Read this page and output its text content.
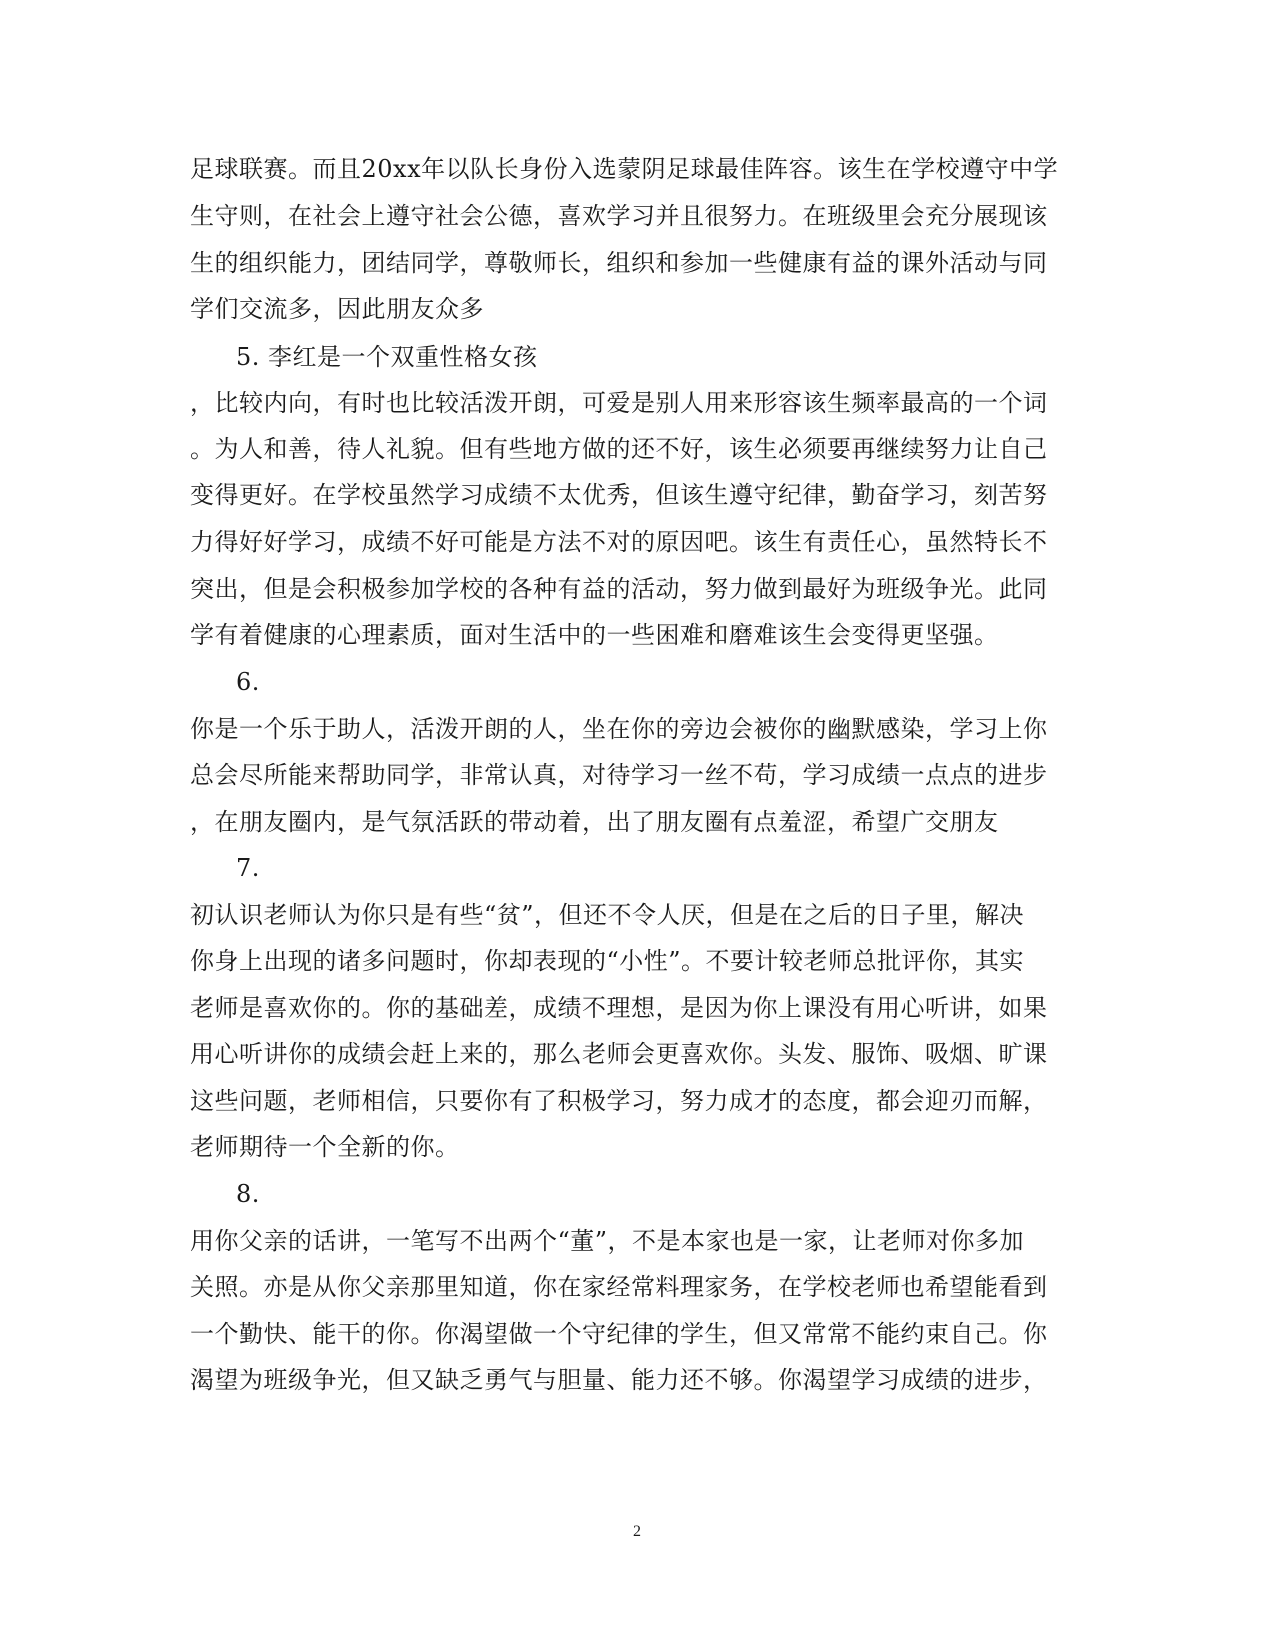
足球联赛。而且20xx年以队长身份入选蒙阴足球最佳阵容。该生在学校遵守中学
生守则，在社会上遵守社会公德，喜欢学习并且很努力。在班级里会充分展现该
生的组织能力，团结同学，尊敬师长，组织和参加一些健康有益的课外活动与同
学们交流多，因此朋友众多
5. 李红是一个双重性格女孩
，比较内向，有时也比较活泼开朗，可爱是别人用来形容该生频率最高的一个词
。为人和善，待人礼貌。但有些地方做的还不好，该生必须要再继续努力让自己
变得更好。在学校虽然学习成绩不太优秀，但该生遵守纪律，勤奋学习，刻苦努
力得好好学习，成绩不好可能是方法不对的原因吧。该生有责任心，虽然特长不
突出，但是会积极参加学校的各种有益的活动，努力做到最好为班级争光。此同
学有着健康的心理素质，面对生活中的一些困难和磨难该生会变得更坚强。
6.
你是一个乐于助人，活泼开朗的人，坐在你的旁边会被你的幽默感染，学习上你
总会尽所能来帮助同学，非常认真，对待学习一丝不苟，学习成绩一点点的进步
，在朋友圈内，是气氛活跃的带动着，出了朋友圈有点羞涩，希望广交朋友
7.
初认识老师认为你只是有些“贫”，但还不令人厌，但是在之后的日子里，解决
你身上出现的诸多问题时，你却表现的“小性”。不要计较老师总批评你，其实
老师是喜欢你的。你的基础差，成绩不理想，是因为你上课没有用心听讲，如果
用心听讲你的成绩会赶上来的，那么老师会更喜欢你。头发、服饰、吸烟、旷课
这些问题，老师相信，只要你有了积极学习，努力成才的态度，都会迎刃而解，
老师期待一个全新的你。
8.
用你父亲的话讲，一笔写不出两个“董”，不是本家也是一家，让老师对你多加
关照。亦是从你父亲那里知道，你在家经常料理家务，在学校老师也希望能看到
一个勤快、能干的你。你渴望做一个守纪律的学生，但又常常不能约束自己。你
渴望为班级争光，但又缺乏勇气与胆量、能力还不够。你渴望学习成绩的进步，
2
